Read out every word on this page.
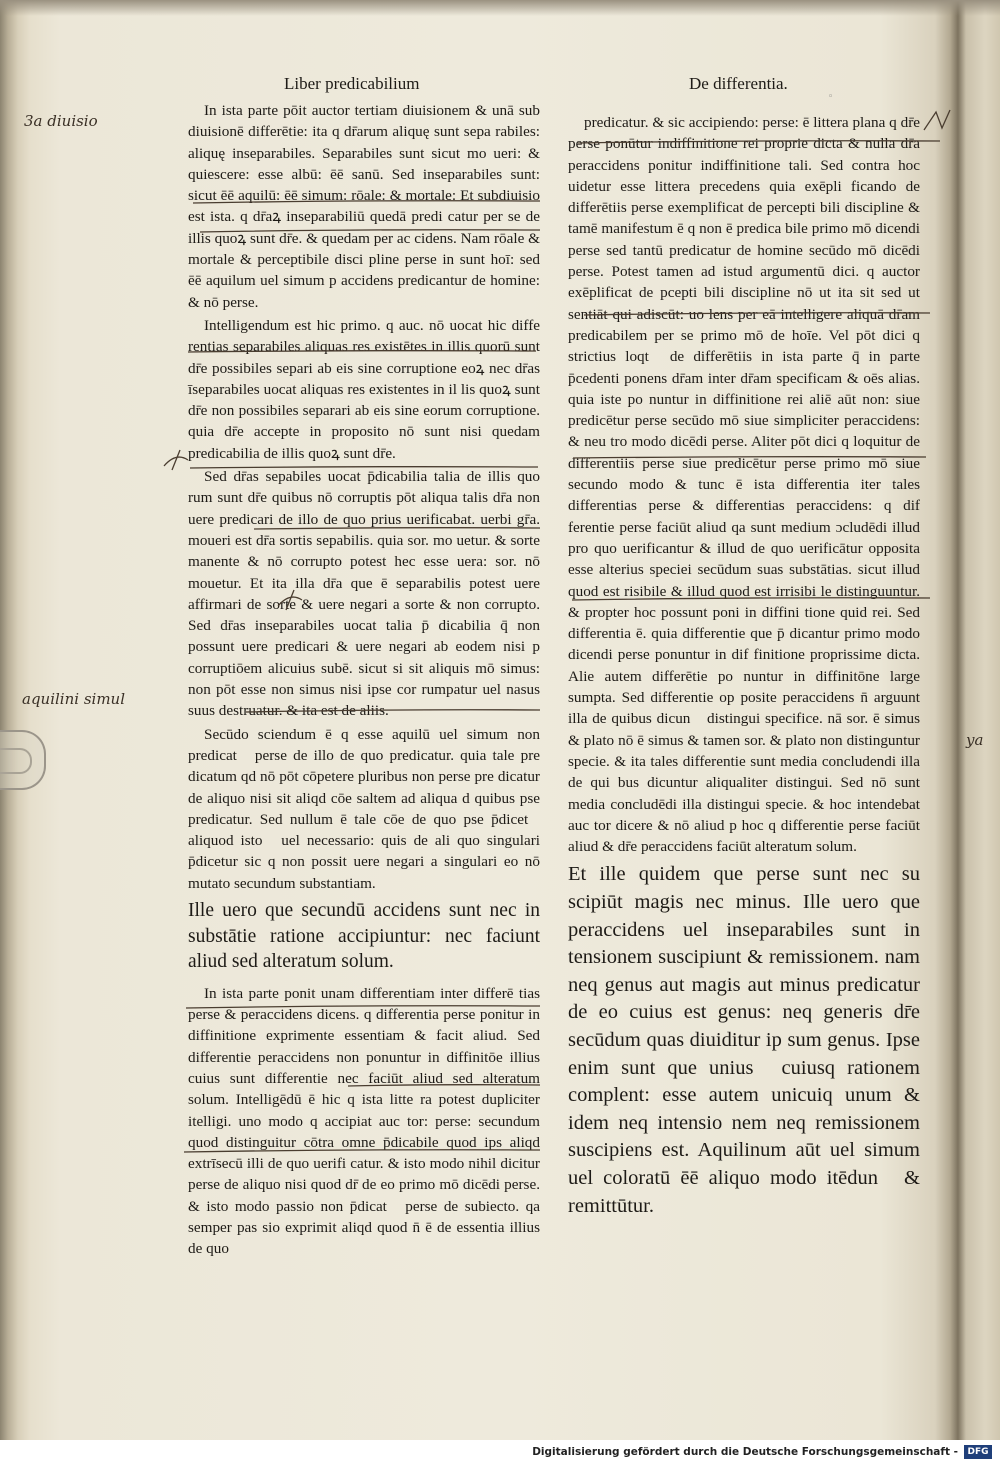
Liber predicabilium	De differentia.
3a diuisio
aquilini simul
ya

In ista parte pōit auctor tertiam diuisionem & unā sub diuisionē differētie: ita q dr̄arum aliquę sunt sepa rabiles: aliquę inseparabiles. Separabiles sunt sicut mo ueri: & quiescere: esse albū: ēē sanū. Sed inseparabiles sunt: sicut ēē aquilū: ēē simum: rōale: & mortale: Et subdiuisio est ista. q dr̄aꝝ inseparabiliū quedā predi catur per se de illis quoꝝ sunt dr̄e. & quedam per ac cidens. Nam rōale & mortale & perceptibile disci pline perse in sunt hoī: sed ēē aquilum uel simum p accidens predicantur de homine: & nō perse.

Intelligendum est hic primo. q auc. nō uocat hic diffe rentias separabiles aliquas res existētes in illis quorū sunt dr̄e possibiles separi ab eis sine corruptione eoꝝ nec dr̄as īseparabiles uocat aliquas res existentes in il lis quoꝝ sunt dr̄e non possibiles separari ab eis sine eorum corruptione. quia dr̄e accepte in proposito nō sunt nisi quedam predicabilia de illis quoꝝ sunt dr̄e.

Sed dr̄as sepabiles uocat p̄dicabilia talia de illis quo rum sunt dr̄e quibus nō corruptis pōt aliqua talis dr̄a non uere predicari de illo de quo prius uerificabat. uerbi gr̄a. moueri est dr̄a sortis sepabilis. quia sor. mo uetur. & sorte manente & nō corrupto potest hec esse uera: sor. nō mouetur. Et ita illa dr̄a que ē separabilis potest uere affirmari de sorte & uere negari a sorte & non corrupto. Sed dr̄as inseparabiles uocat talia p̄ dicabilia q̄ non possunt uere predicari & uere negari ab eodem nisi p corruptiōem alicuius subē. sicut si sit aliquis mō simus: non pōt esse non simus nisi ipse cor rumpatur uel nasus suus destruatur. & ita est de aliis.

Secūdo sciendum ē q esse aquilū uel simum non predicatᷣ perse de illo de quo predicatur. quia tale pre dicatum qd nō pōt cōpetere pluribus non perse pre dicatur de aliquo nisi sit aliqd cōe saltem ad aliqua d quibus pse predicatur. Sed nullum ē tale cōe de quo pse p̄dicetᷣ aliquod istoꝝ uel necessario: quis de ali quo singulari p̄dicetur sic q non possit uere negari a singulari eo nō mutato secundum substantiam.

Ille uero que secundū accidens sunt nec in substātie ratione accipiuntur: nec faciunt aliud sed alteratum solum.

In ista parte ponit unam differentiam inter differē tias perse & peraccidens dicens. q differentia perse ponitur in diffinitione exprimente essentiam & facit aliud. Sed differentie peraccidens non ponuntur in diffinitōe illius cuius sunt differentie nec faciūt aliud sed alteratum solum. Intelligēdū ē hic q ista litte ra potest dupliciter itelligi. uno modo q accipiat auc tor: perse: secundum quod distinguitur cōtra omne p̄dicabile quod ips aliqd extrīsecū illi de quo uerifi catur. & isto modo nihil dicitur perse de aliquo nisi quod dr̄ de eo primo mō dicēdi perse. & isto modo passio non p̄dicatᷣ perse de subiecto. qa semper pas sio exprimit aliqd quod n̄ ē de essentia illius de quo

predicatur. & sic accipiendo: perse: ē littera plana q dr̄e perse ponūtur indiffinitione rei proprie dicta & nulla dr̄a peraccidens ponitur indiffinitione tali. Sed contra hoc uidetur esse littera precedens quia exēpli ficando de differētiis perse exemplificat de percepti bili discipline & tamē manifestum ē q non ē predica bile primo mō dicendi perse sed tantū predicatur de homine secūdo mō dicēdi perse. Potest tamen ad istud argumentū dici. q auctor exēplificat de pcepti bili discipline nō ut ita sit sed ut sentiāt qui adiscūt: uo lens per eā intelligere aliquā dr̄am predicabilem per se primo mō de hoīe. Vel pōt dici q strictius loqtᷣ de differētiis in ista parte q̄ in parte p̄cedenti ponens dr̄am inter dr̄am specificam & oēs alias. quia iste po nuntur in diffinitione rei aliē aūt non: siue predicētur perse secūdo mō siue simpliciter peraccidens: & neu tro modo dicēdi perse. Aliter pōt dici q loquitur de differentiis perse siue predicētur perse primo mō siue secundo modo & tunc ē ista differentia iter tales differentias perse & differentias peraccidens: q dif ferentie perse faciūt aliud qa sunt medium ɔcludēdi illud pro quo uerificantur & illud de quo uerificātur opposita esse alterius speciei secūdum suas substātias. sicut illud quod est risibile & illud quod est irrisibi le distinguuntur. & propter hoc possunt poni in diffini tione quid rei. Sed differentia ē. quia differentie que p̄ dicantur primo modo dicendi perse ponuntur in dif finitione proprissime dicta. Alie autem differētie po nuntur in diffinitōne large sumpta. Sed differentie op posite peraccidens n̄ arguunt illa de quibus dicunᷣ distingui specifice. nā sor. ē simus & plato nō ē simus & tamen sor. & plato non distinguntur specie. & ita tales differentie sunt media concludendi illa de qui bus dicuntur aliqualiter distingui. Sed nō sunt media concludēdi illa distingui specie. & hoc intendebat auc tor dicere & nō aliud p hoc q differentie perse faciūt aliud & dr̄e peraccidens faciūt alteratum solum.

Et ille quidem que perse sunt nec su scipiūt magis nec minus. Ille uero que peraccidens uel inseparabiles sunt in tensionem suscipiunt & remissionem. nam neq genus aut magis aut minus predicatur de eo cuius est genus: neq generis dr̄e secūdum quas diuiditur ip sum genus. Ipse enim sunt que uniusᷣ cuiusq rationem complent: esse autem unicuiq unum & idem neq intensio nem neq remissionem suscipiens est. Aquilinum aūt uel simum uel coloratū ēē aliquo modo itēdunᷣ & remittūtur.

◦
Digitalisierung gefördert durch die Deutsche Forschungsgemeinschaft -	DFG
